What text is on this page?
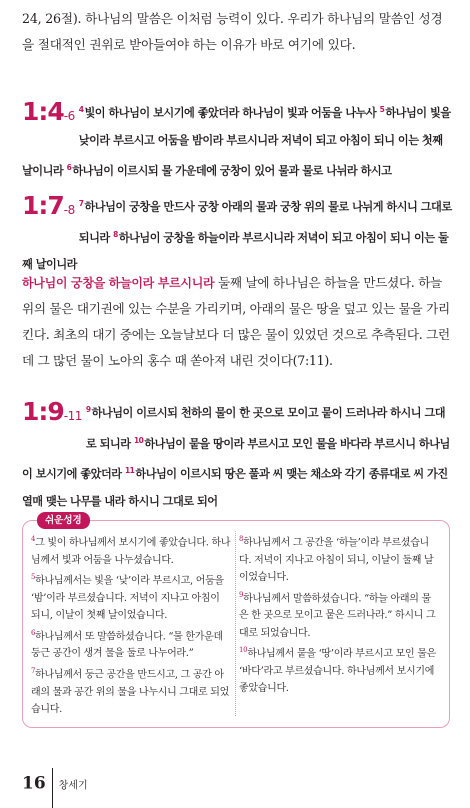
24, 26절). 하나님의 말씀은 이처럼 능력이 있다. 우리가 하나님의 말씀인 성경을 절대적인 권위로 받아들여야 하는 이유가 바로 여기에 있다.
1:4-6 $^4$빛이 하나님이 보시기에 좋았더라 하나님이 빛과 어둠을 나누사 $^5$하나님이 빛을 낮이라 부르시고 어둠을 밤이라 부르시니라 저녁이 되고 아침이 되니 이는 첫째 날이니라 $^6$하나님이 이르시되 물 가운데에 궁창이 있어 물과 물로 나뉘라 하시고
1:7-8 $^7$하나님이 궁창을 만드사 궁창 아래의 물과 궁창 위의 물로 나뉘게 하시니 그대로 되니라 $^8$하나님이 궁창을 하늘이라 부르시니라 저녁이 되고 아침이 되니 이는 둘째 날이니라
하나님이 궁창을 하늘이라 부르시니라 둘째 날에 하나님은 하늘을 만드셨다. 하늘 위의 물은 대기권에 있는 수분을 가리키며, 아래의 물은 땅을 덮고 있는 물을 가리킨다. 최초의 대기 중에는 오늘날보다 더 많은 물이 있었던 것으로 추측된다. 그런데 그 많던 물이 노아의 홍수 때 쏟아져 내린 것이다(7:11).
1:9-11 $^9$하나님이 이르시되 천하의 물이 한 곳으로 모이고 뭍이 드러나라 하시니 그대로 되니라 $^{10}$하나님이 뭍을 땅이라 부르시고 모인 물을 바다라 부르시니 하나님이 보시기에 좋았더라 $^{11}$하나님이 이르시되 땅은 풀과 씨 맺는 채소와 각기 종류대로 씨 가진 열매 맺는 나무를 내라 하시니 그대로 되어
쉬운성경
$^4$그 빛이 하나님께서 보시기에 좋았습니다. 하나님께서 빛과 어둠을 나누셨습니다.
$^5$하나님께서는 빛을 ‘낮’이라 부르시고, 어둠을 ‘밤’이라 부르셨습니다. 저녁이 지나고 아침이 되니, 이날이 첫째 날이었습니다.
$^6$하나님께서 또 말씀하셨습니다. “물 한가운데 둥근 공간이 생겨 물을 둘로 나누어라.”
$^7$하나님께서 둥근 공간을 만드시고, 그 공간 아래의 물과 공간 위의 물을 나누시니 그대로 되었습니다.
$^8$하나님께서 그 공간을 ‘하늘’이라 부르셨습니다. 저녁이 지나고 아침이 되니, 이날이 둘째 날이었습니다.
$^9$하나님께서 말씀하셨습니다. “하늘 아래의 물은 한 곳으로 모이고 뭍은 드러나라.” 하시니 그대로 되었습니다.
$^{10}$하나님께서 뭍을 ‘땅’이라 부르시고 모인 물은 ‘바다’라고 부르셨습니다. 하나님께서 보시기에 좋았습니다.
16 창세기
